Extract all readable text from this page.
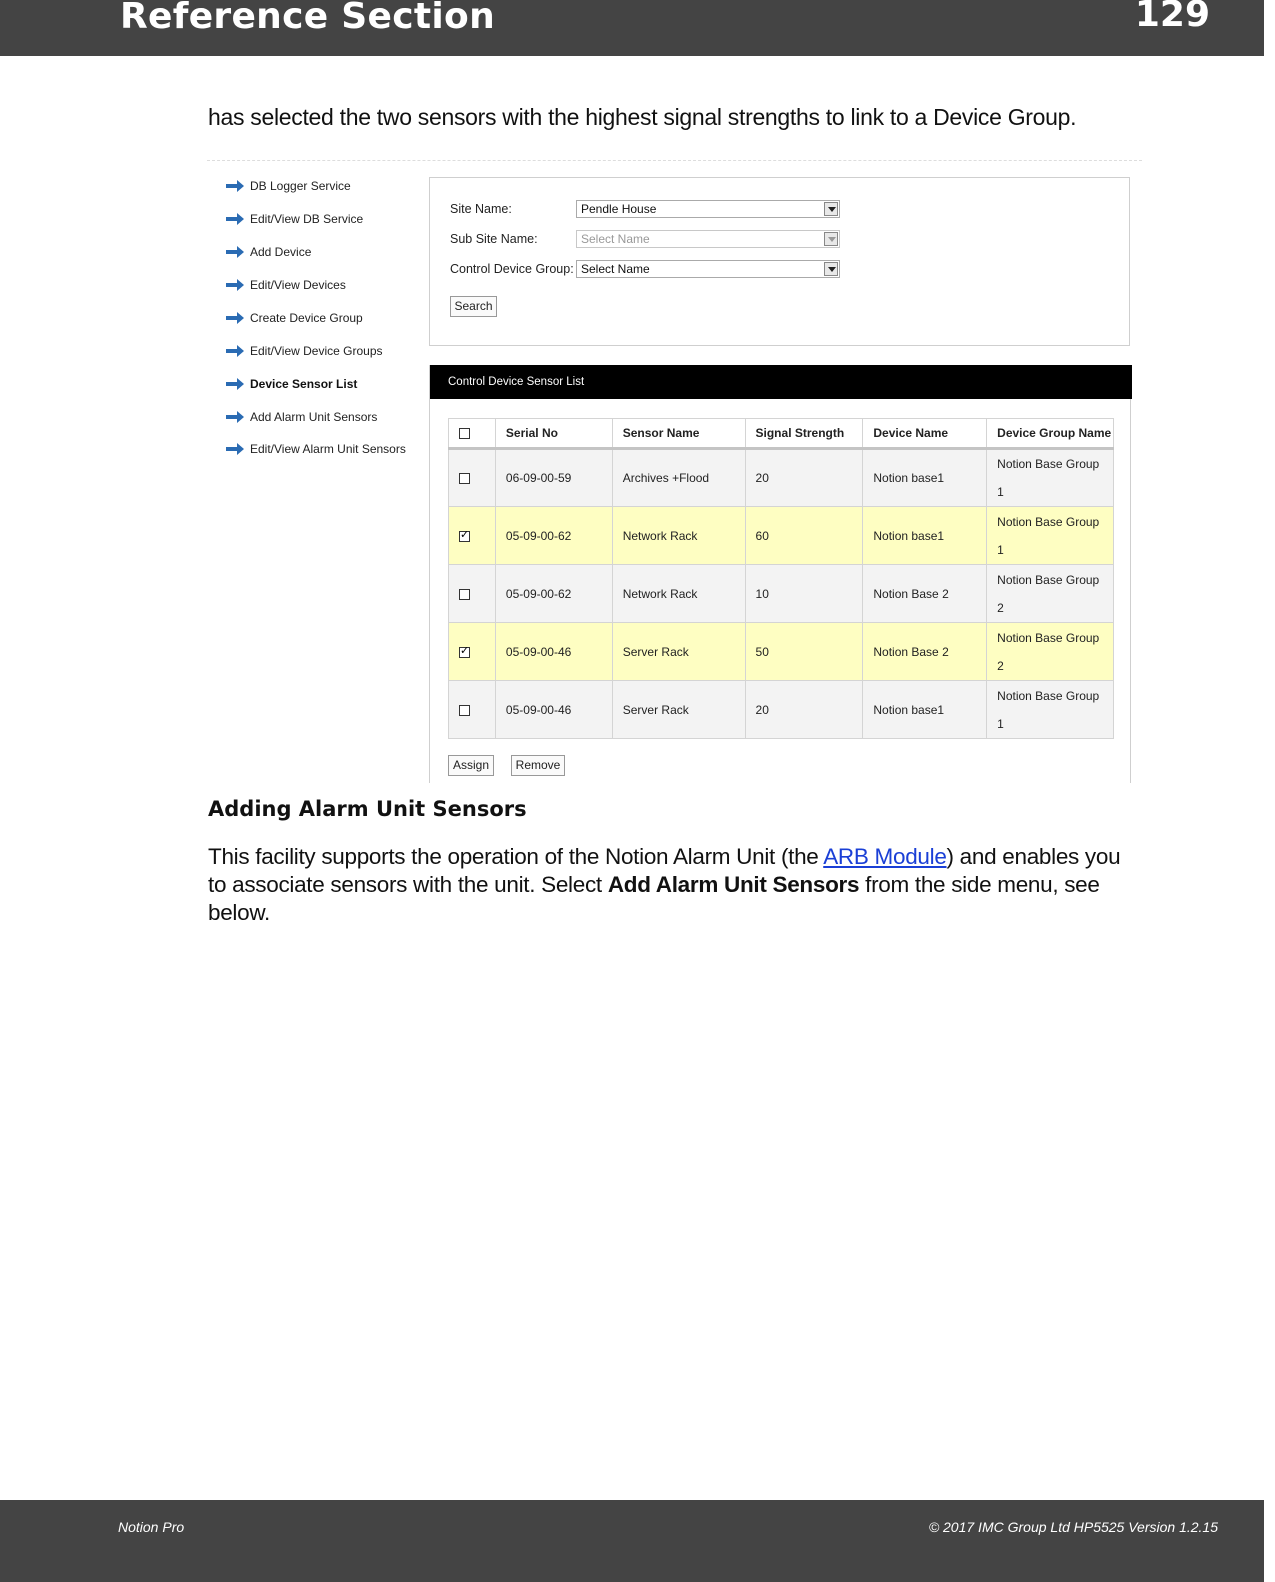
Reference Section	129
has selected the two sensors with the highest signal strengths to link to a Device Group.
DB Logger Service
Edit/View DB Service
Add Device
Edit/View Devices
Create Device Group
Edit/View Device Groups
Device Sensor List
Add Alarm Unit Sensors
Edit/View Alarm Unit Sensors
Site Name:	Pendle House
Sub Site Name:	Select Name
Control Device Group: Select Name
Search
Control Device Sensor List
	Serial No	Sensor Name	Signal Strength	Device Name	Device Group Name
	06-09-00-59	Archives +Flood	20	Notion base1	Notion Base Group
1

✓	05-09-00-62	Network Rack	60	Notion base1	Notion Base Group
1

	05-09-00-62	Network Rack	10	Notion Base 2	Notion Base Group
2

✓	05-09-00-46	Server Rack	50	Notion Base 2	Notion Base Group
2

	05-09-00-46	Server Rack	20	Notion base1	Notion Base Group
1
Assign	Remove
Adding Alarm Unit Sensors
This facility supports the operation of the Notion Alarm Unit (the ARB Module) and enables you to associate sensors with the unit. Select Add Alarm Unit Sensors from the side menu, see below.
Notion Pro	© 2017 IMC Group Ltd HP5525 Version 1.2.15
